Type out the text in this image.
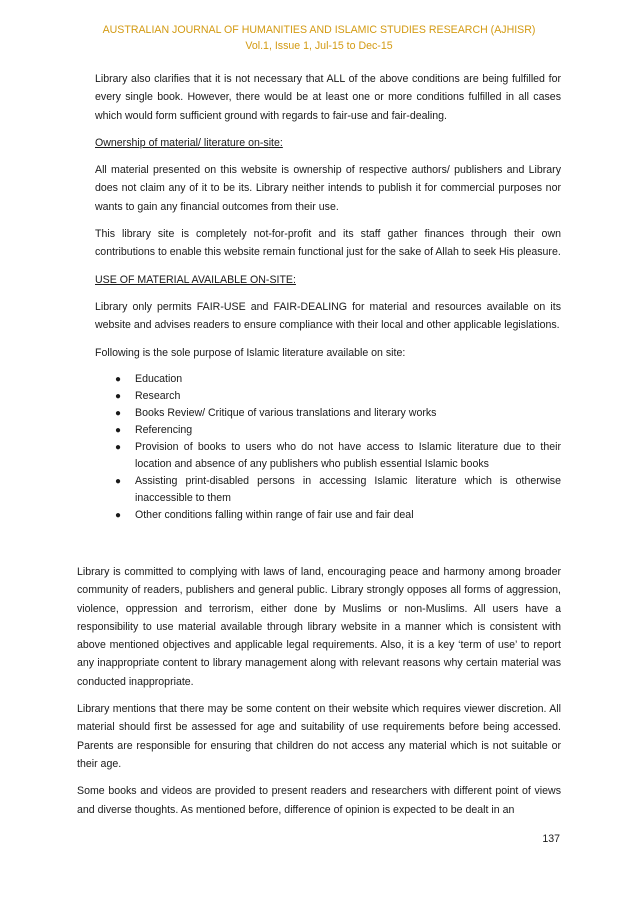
AUSTRALIAN JOURNAL OF HUMANITIES AND ISLAMIC STUDIES RESEARCH (AJHISR)
Vol.1, Issue 1, Jul-15 to Dec-15

Library also clarifies that it is not necessary that ALL of the above conditions are being fulfilled for every single book. However, there would be at least one or more conditions fulfilled in all cases which would form sufficient ground with regards to fair-use and fair-dealing.

Ownership of material/ literature on-site:

All material presented on this website is ownership of respective authors/ publishers and Library does not claim any of it to be its. Library neither intends to publish it for commercial purposes nor wants to gain any financial outcomes from their use.

This library site is completely not-for-profit and its staff gather finances through their own contributions to enable this website remain functional just for the sake of Allah to seek His pleasure.

USE OF MATERIAL AVAILABLE ON-SITE:

Library only permits FAIR-USE and FAIR-DEALING for material and resources available on its website and advises readers to ensure compliance with their local and other applicable legislations.

Following is the sole purpose of Islamic literature available on site:

● Education
● Research
● Books Review/ Critique of various translations and literary works
● Referencing
● Provision of books to users who do not have access to Islamic literature due to their location and absence of any publishers who publish essential Islamic books
● Assisting print-disabled persons in accessing Islamic literature which is otherwise inaccessible to them
● Other conditions falling within range of fair use and fair deal

Library is committed to complying with laws of land, encouraging peace and harmony among broader community of readers, publishers and general public. Library strongly opposes all forms of aggression, violence, oppression and terrorism, either done by Muslims or non-Muslims. All users have a responsibility to use material available through library website in a manner which is consistent with above mentioned objectives and applicable legal requirements. Also, it is a key ‘term of use’ to report any inappropriate content to library management along with relevant reasons why certain material was conducted inappropriate.

Library mentions that there may be some content on their website which requires viewer discretion. All material should first be assessed for age and suitability of use requirements before being accessed. Parents are responsible for ensuring that children do not access any material which is not suitable or their age.

Some books and videos are provided to present readers and researchers with different point of views and diverse thoughts. As mentioned before, difference of opinion is expected to be dealt in an

137
